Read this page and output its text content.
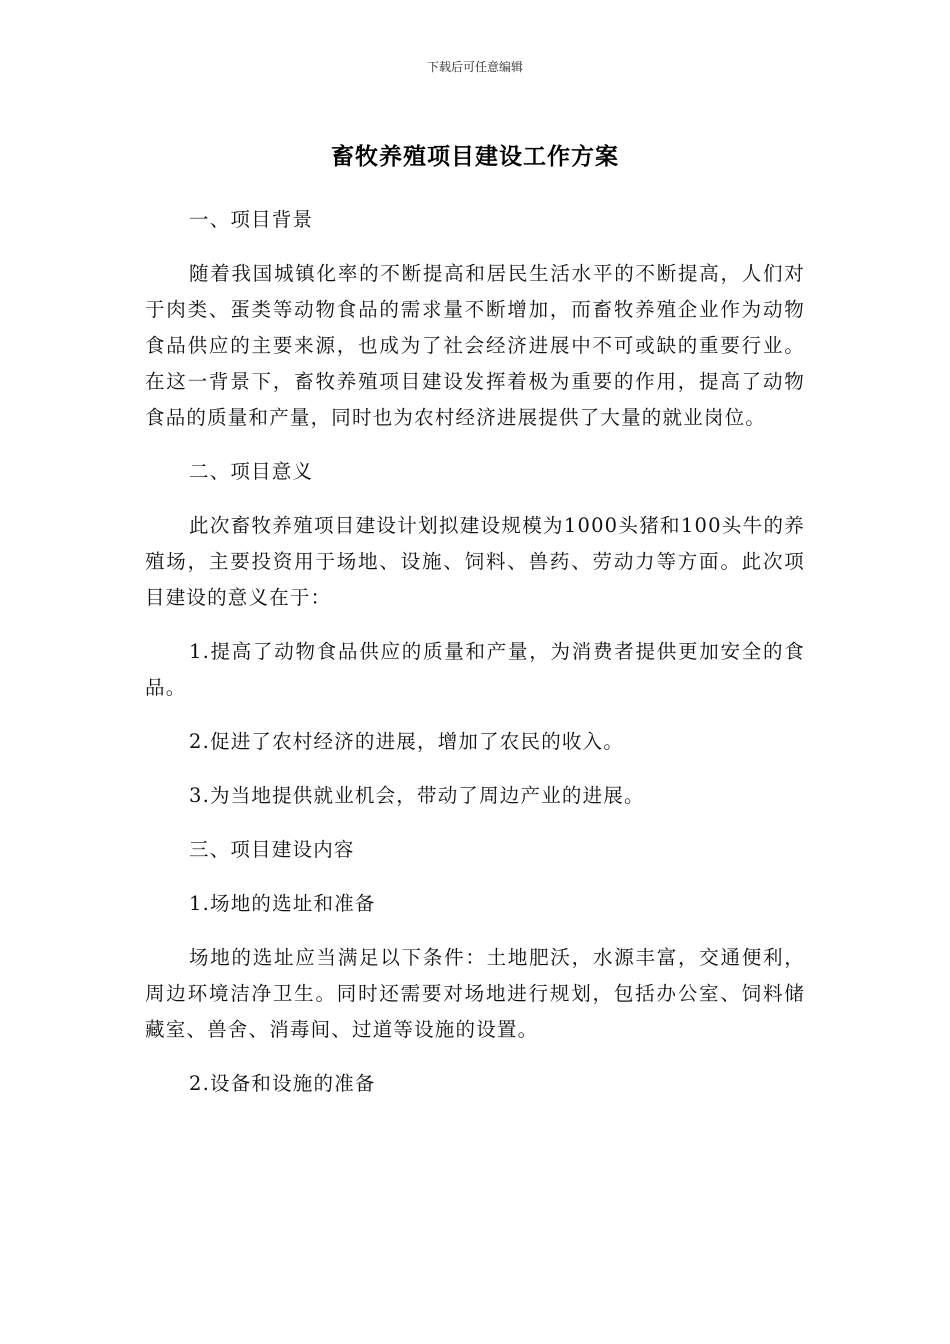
下载后可任意编辑
畜牧养殖项目建设工作方案

一、项目背景

随着我国城镇化率的不断提高和居民生活水平的不断提高，人们对于肉类、蛋类等动物食品的需求量不断增加，而畜牧养殖企业作为动物食品供应的主要来源，也成为了社会经济进展中不可或缺的重要行业。在这一背景下，畜牧养殖项目建设发挥着极为重要的作用，提高了动物食品的质量和产量，同时也为农村经济进展提供了大量的就业岗位。

二、项目意义

此次畜牧养殖项目建设计划拟建设规模为1000头猪和100头牛的养殖场，主要投资用于场地、设施、饲料、兽药、劳动力等方面。此次项目建设的意义在于：

1.提高了动物食品供应的质量和产量，为消费者提供更加安全的食品。

2.促进了农村经济的进展，增加了农民的收入。

3.为当地提供就业机会，带动了周边产业的进展。

三、项目建设内容

1.场地的选址和准备

场地的选址应当满足以下条件：土地肥沃，水源丰富，交通便利，周边环境洁净卫生。同时还需要对场地进行规划，包括办公室、饲料储藏室、兽舍、消毒间、过道等设施的设置。

2.设备和设施的准备
